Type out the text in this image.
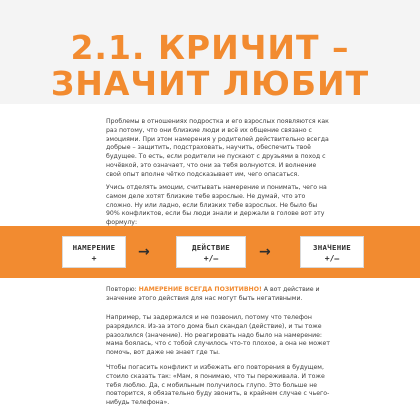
2.1. КРИЧИТ –
ЗНАЧИТ ЛЮБИТ

Проблемы в отношениях подростка и его взрослых появляются как раз потому, что они близкие люди и всё их общение связано с эмоциями. При этом намерения у родителей действительно всегда добрые – защитить, подстраховать, научить, обеспечить твоё будущее. То есть, если родители не пускают с друзьями в поход с ночёвкой, это означает, что они за тебя волнуются. И волнение свой опыт вполне чётко подсказывает им, чего опасаться.

Учись отделять эмоции, считывать намерение и понимать, чего на самом деле хотят близкие тебе взрослые. Не думай, что это сложно. Ну или ладно, если близких тебе взрослых. Не было бы 90% конфликтов, если бы люди знали и держали в голове вот эту формулу:

НАМЕРЕНИЕ
+	→	ДЕЙСТВИЕ
+/–	→	ЗНАЧЕНИЕ
+/–

Повторю: НАМЕРЕНИЕ ВСЕГДА ПОЗИТИВНО! А вот действие и значение этого действия для нас могут быть негативными.

Например, ты задержался и не позвонил, потому что телефон разрядился. Из-за этого дома был скандал (действие), и ты тоже разозлился (значение). Но реагировать надо было на намерение: мама боялась, что с тобой случилось что-то плохое, а она не может помочь, вот даже не знает где ты.

Чтобы погасить конфликт и избежать его повторения в будущем, стоило сказать так: «Мам, я понимаю, что ты переживала. И тоже тебя люблю. Да, с мобильным получилось глупо. Это больше не повторится, я обязательно буду звонить, в крайнем случае с чьего-нибудь телефона».
